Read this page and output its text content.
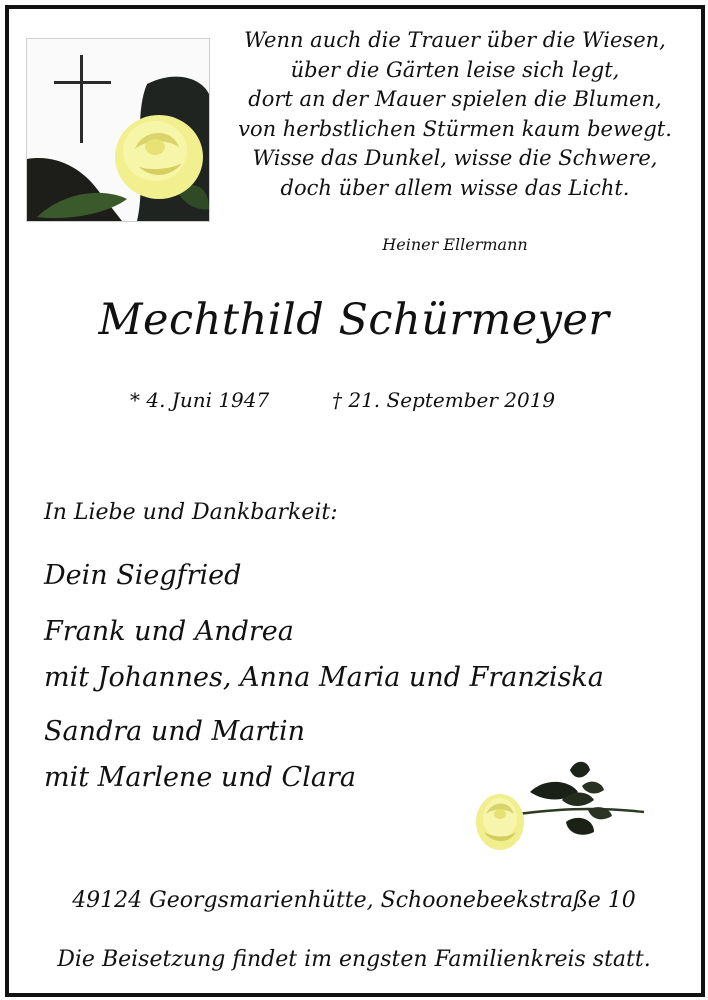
Wenn auch die Trauer über die Wiesen,
über die Gärten leise sich legt,
dort an der Mauer spielen die Blumen,
von herbstlichen Stürmen kaum bewegt.
Wisse das Dunkel, wisse die Schwere,
doch über allem wisse das Licht.
Heiner Ellermann
Mechthild Schürmeyer
* 4. Juni 1947	† 21. September 2019
In Liebe und Dankbarkeit:
Dein Siegfried
Frank und Andrea
mit Johannes, Anna Maria und Franziska
Sandra und Martin
mit Marlene und Clara
49124 Georgsmarienhütte, Schoonebeekstraße 10
Die Beisetzung findet im engsten Familienkreis statt.
